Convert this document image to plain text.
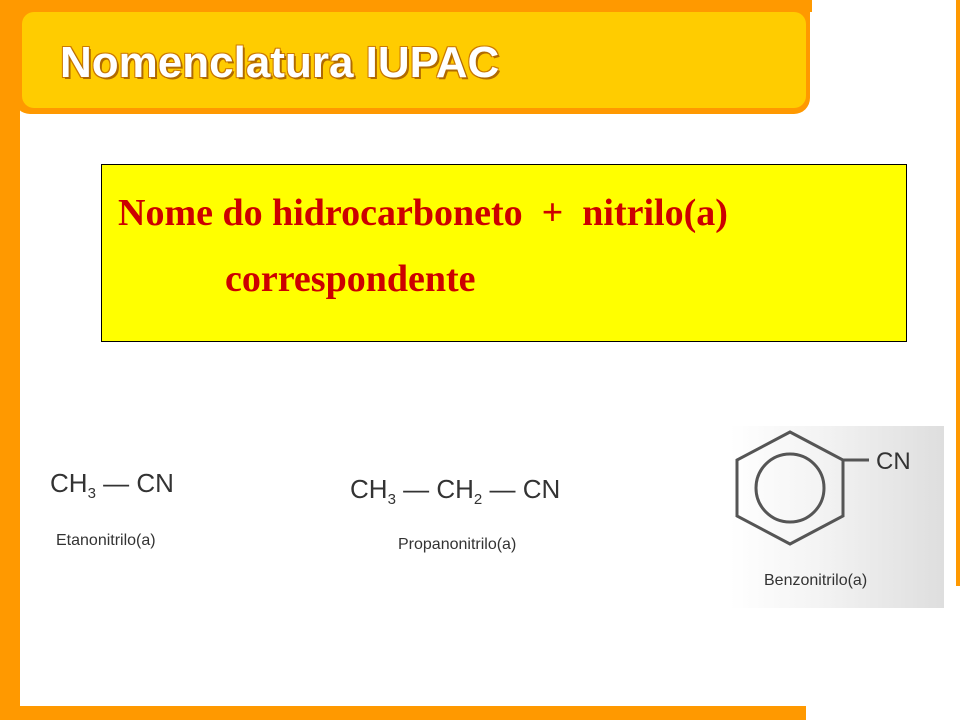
Nomenclatura IUPAC
Nome do hidrocarboneto  +  nitrilo(a)
correspondente
$CH_3$ — CN
Etanonitrilo(a)
$CH_3$ — $CH_2$ — CN
Propanonitrilo(a)
CN
Benzonitrilo(a)
